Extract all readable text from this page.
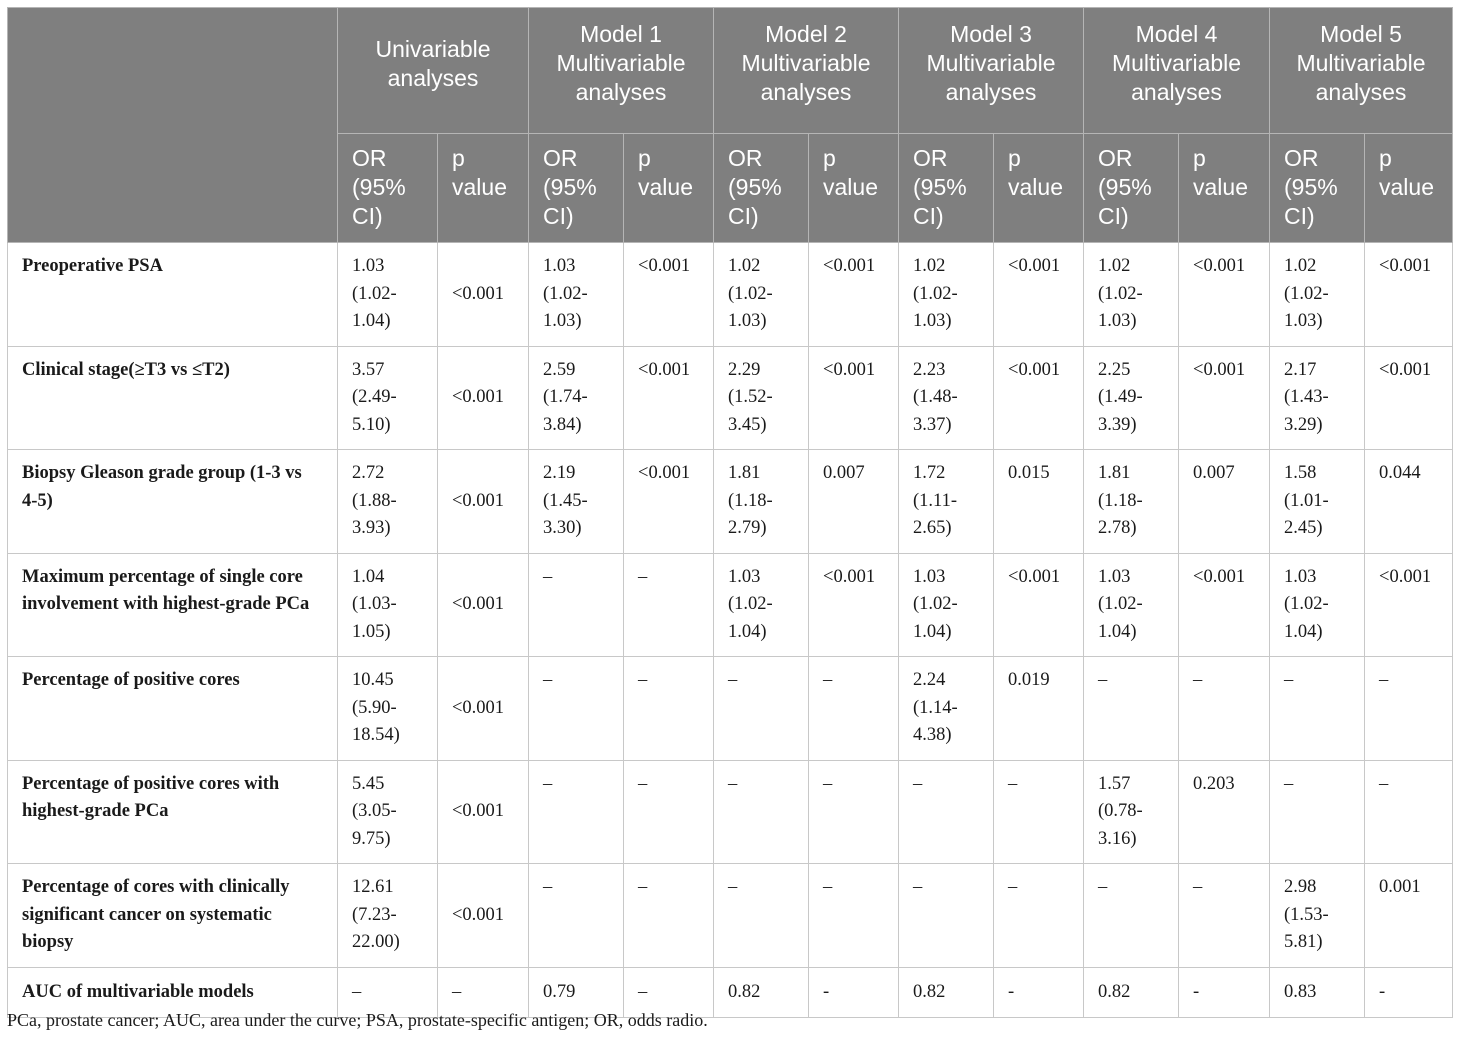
	Univariable analyses		Model 1 Multivariable analyses		Model 2 Multivariable analyses		Model 3 Multivariable analyses		Model 4 Multivariable analyses		Model 5 Multivariable analyses	
	OR (95% CI)	p value	OR (95% CI)	p value	OR (95% CI)	p value	OR (95% CI)	p value	OR (95% CI)	p value	OR (95% CI)	p value
Preoperative PSA	1.03 (1.02-1.04)	<0.001	1.03 (1.02-1.03)	<0.001	1.02 (1.02-1.03)	<0.001	1.02 (1.02-1.03)	<0.001	1.02 (1.02-1.03)	<0.001	1.02 (1.02-1.03)	<0.001
Clinical stage(≥T3 vs ≤T2)	3.57 (2.49-5.10)	<0.001	2.59 (1.74-3.84)	<0.001	2.29 (1.52-3.45)	<0.001	2.23 (1.48-3.37)	<0.001	2.25 (1.49-3.39)	<0.001	2.17 (1.43-3.29)	<0.001
Biopsy Gleason grade group (1-3 vs 4-5)	2.72 (1.88-3.93)	<0.001	2.19 (1.45-3.30)	<0.001	1.81 (1.18-2.79)	0.007	1.72 (1.11-2.65)	0.015	1.81 (1.18-2.78)	0.007	1.58 (1.01-2.45)	0.044
Maximum percentage of single core involvement with highest-grade PCa	1.04 (1.03-1.05)	<0.001	–	–	1.03 (1.02-1.04)	<0.001	1.03 (1.02-1.04)	<0.001	1.03 (1.02-1.04)	<0.001	1.03 (1.02-1.04)	<0.001
Percentage of positive cores	10.45 (5.90-18.54)	<0.001	–	–	–	–	2.24 (1.14-4.38)	0.019	–	–	–	–
Percentage of positive cores with highest-grade PCa	5.45 (3.05-9.75)	<0.001	–	–	–	–	–	–	1.57 (0.78-3.16)	0.203	–	–
Percentage of cores with clinically significant cancer on systematic biopsy	12.61 (7.23-22.00)	<0.001	–	–	–	–	–	–	–	–	2.98 (1.53-5.81)	0.001
AUC of multivariable models	–	–	0.79	–	0.82	-	0.82	-	0.82	-	0.83	-

PCa, prostate cancer; AUC, area under the curve; PSA, prostate-specific antigen; OR, odds radio.
